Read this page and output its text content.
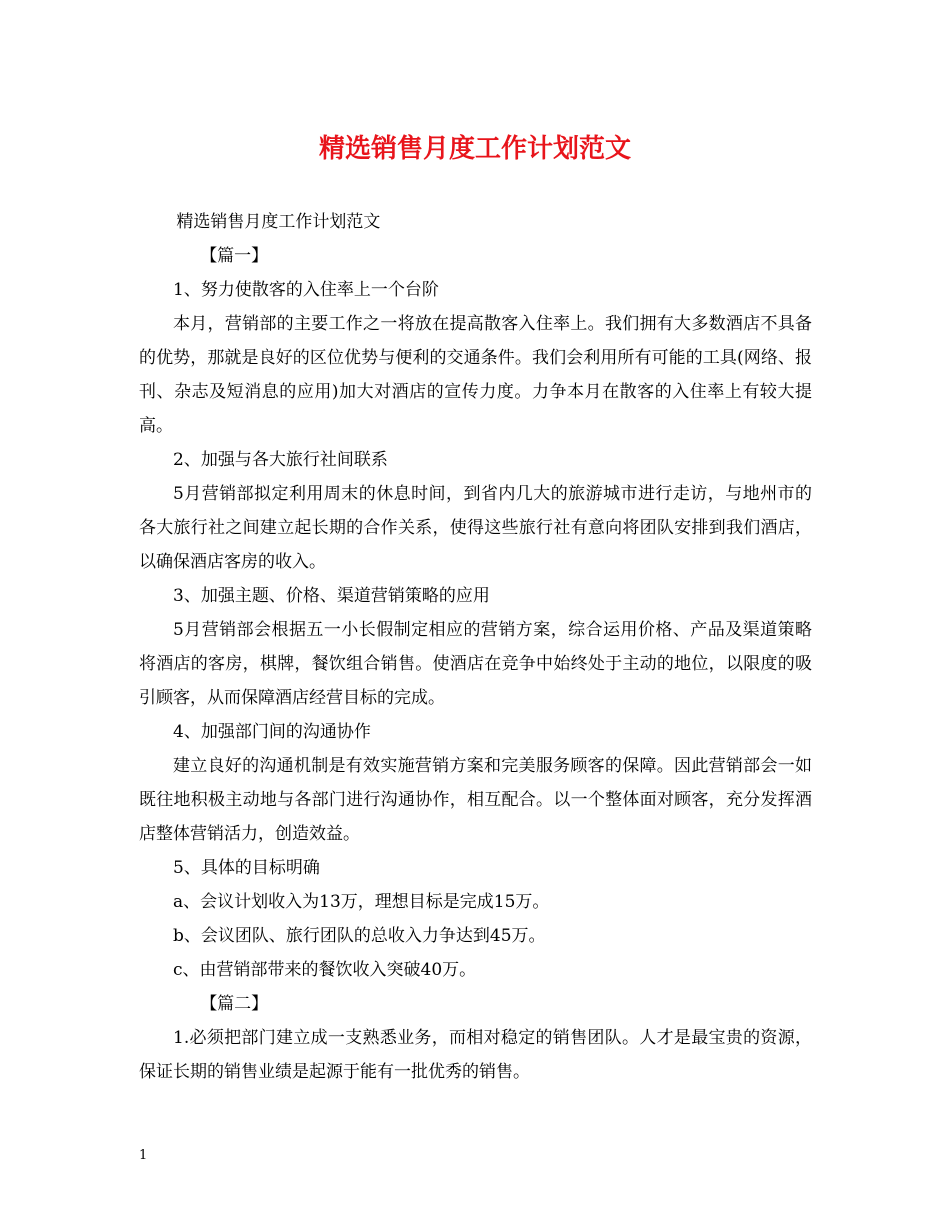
精选销售月度工作计划范文

精选销售月度工作计划范文

【篇一】

1、努力使散客的入住率上一个台阶

本月，营销部的主要工作之一将放在提高散客入住率上。我们拥有大多数酒店不具备的优势，那就是良好的区位优势与便利的交通条件。我们会利用所有可能的工具(网络、报刊、杂志及短消息的应用)加大对酒店的宣传力度。力争本月在散客的入住率上有较大提高。

2、加强与各大旅行社间联系

5月营销部拟定利用周末的休息时间，到省内几大的旅游城市进行走访，与地州市的各大旅行社之间建立起长期的合作关系，使得这些旅行社有意向将团队安排到我们酒店，以确保酒店客房的收入。

3、加强主题、价格、渠道营销策略的应用

5月营销部会根据五一小长假制定相应的营销方案，综合运用价格、产品及渠道策略将酒店的客房，棋牌，餐饮组合销售。使酒店在竞争中始终处于主动的地位，以限度的吸引顾客，从而保障酒店经营目标的完成。

4、加强部门间的沟通协作

建立良好的沟通机制是有效实施营销方案和完美服务顾客的保障。因此营销部会一如既往地积极主动地与各部门进行沟通协作，相互配合。以一个整体面对顾客，充分发挥酒店整体营销活力，创造效益。

5、具体的目标明确

a、会议计划收入为13万，理想目标是完成15万。

b、会议团队、旅行团队的总收入力争达到45万。

c、由营销部带来的餐饮收入突破40万。

【篇二】

1.必须把部门建立成一支熟悉业务，而相对稳定的销售团队。人才是最宝贵的资源，保证长期的销售业绩是起源于能有一批优秀的销售。

1
